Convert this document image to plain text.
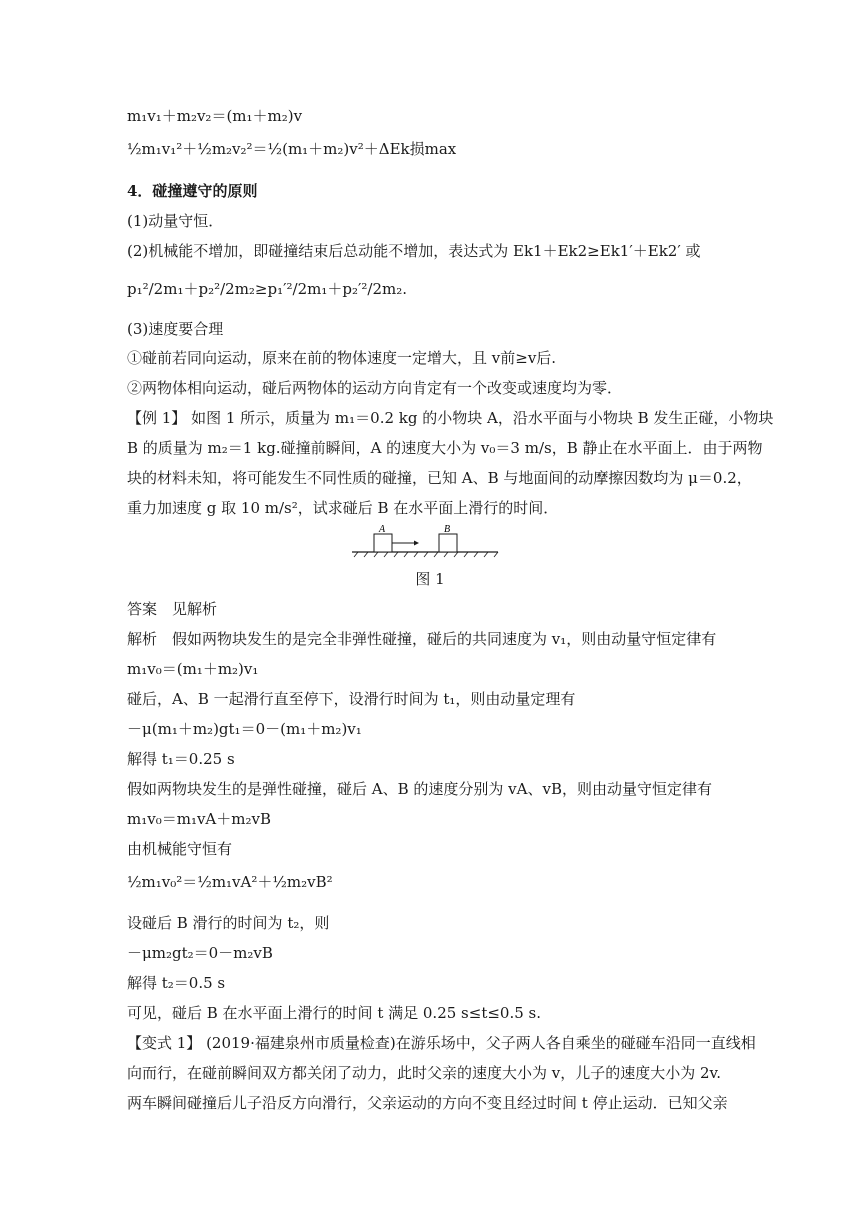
m₁v₁＋m₂v₂＝(m₁＋m₂)v
½m₁v₁²＋½m₂v₂²＝½(m₁＋m₂)v²＋ΔEk损max
4．碰撞遵守的原则
(1)动量守恒．
(2)机械能不增加，即碰撞结束后总动能不增加，表达式为 Ek1＋Ek2≥Ek1′＋Ek2′ 或
p₁²/2m₁＋p₂²/2m₂≥p₁′²/2m₁＋p₂′²/2m₂.
(3)速度要合理
①碰前若同向运动，原来在前的物体速度一定增大，且 v前≥v后.
②两物体相向运动，碰后两物体的运动方向肯定有一个改变或速度均为零．
【例 1】 如图 1 所示，质量为 m₁＝0.2 kg 的小物块 A，沿水平面与小物块 B 发生正碰，小物块
B 的质量为 m₂＝1 kg.碰撞前瞬间，A 的速度大小为 v₀＝3 m/s，B 静止在水平面上．由于两物
块的材料未知，将可能发生不同性质的碰撞，已知 A、B 与地面间的动摩擦因数均为 μ＝0.2，
重力加速度 g 取 10 m/s²，试求碰后 B 在水平面上滑行的时间．
A	B
图 1
答案　见解析
解析　假如两物块发生的是完全非弹性碰撞，碰后的共同速度为 v₁，则由动量守恒定律有
m₁v₀＝(m₁＋m₂)v₁
碰后，A、B 一起滑行直至停下，设滑行时间为 t₁，则由动量定理有
－μ(m₁＋m₂)gt₁＝0－(m₁＋m₂)v₁
解得 t₁＝0.25 s
假如两物块发生的是弹性碰撞，碰后 A、B 的速度分别为 vA、vB，则由动量守恒定律有
m₁v₀＝m₁vA＋m₂vB
由机械能守恒有
½m₁v₀²＝½m₁vA²＋½m₂vB²
设碰后 B 滑行的时间为 t₂，则
－μm₂gt₂＝0－m₂vB
解得 t₂＝0.5 s
可见，碰后 B 在水平面上滑行的时间 t 满足 0.25 s≤t≤0.5 s.
【变式 1】 (2019·福建泉州市质量检查)在游乐场中，父子两人各自乘坐的碰碰车沿同一直线相
向而行，在碰前瞬间双方都关闭了动力，此时父亲的速度大小为 v，儿子的速度大小为 2v.
两车瞬间碰撞后儿子沿反方向滑行，父亲运动的方向不变且经过时间 t 停止运动．已知父亲
